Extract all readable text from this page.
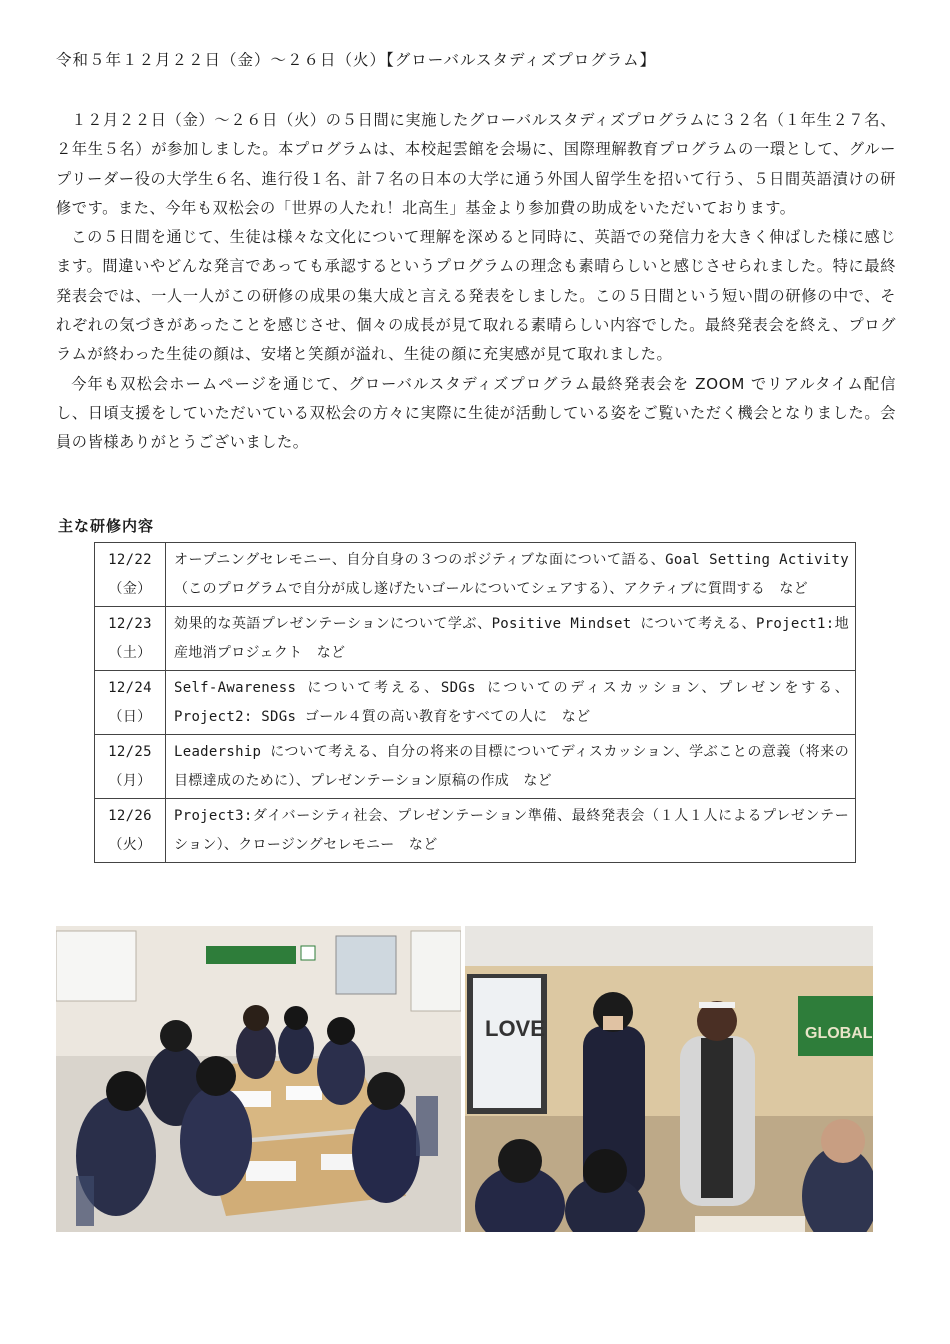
令和５年１２月２２日（金）～２６日（火）【グローバルスタディズプログラム】

１２月２２日（金）～２６日（火）の５日間に実施したグローバルスタディズプログラムに３２名（１年生２７名、２年生５名）が参加しました。本プログラムは、本校起雲館を会場に、国際理解教育プログラムの一環として、グループリーダー役の大学生６名、進行役１名、計７名の日本の大学に通う外国人留学生を招いて行う、５日間英語漬けの研修です。また、今年も双松会の「世界の人たれ！北高生」基金より参加費の助成をいただいております。

この５日間を通じて、生徒は様々な文化について理解を深めると同時に、英語での発信力を大きく伸ばした様に感じます。間違いやどんな発言であっても承認するというプログラムの理念も素晴らしいと感じさせられました。特に最終発表会では、一人一人がこの研修の成果の集大成と言える発表をしました。この５日間という短い間の研修の中で、それぞれの気づきがあったことを感じさせ、個々の成長が見て取れる素晴らしい内容でした。最終発表会を終え、プログラムが終わった生徒の顔は、安堵と笑顔が溢れ、生徒の顔に充実感が見て取れました。

今年も双松会ホームページを通じて、グローバルスタディズプログラム最終発表会を ZOOM でリアルタイム配信し、日頃支援をしていただいている双松会の方々に実際に生徒が活動している姿をご覧いただく機会となりました。会員の皆様ありがとうございました。

主な研修内容
12/22
（金）	オープニングセレモニー、自分自身の３つのポジティブな面について語る、Goal Setting Activity（このプログラムで自分が成し遂げたいゴールについてシェアする）、アクティブに質問する　など

12/23
（土）	効果的な英語プレゼンテーションについて学ぶ、Positive Mindset について考える、Project1:地産地消プロジェクト　など

12/24
（日）	Self-Awareness について考える、SDGs についてのディスカッション、プレゼンをする、Project2: SDGs ゴール４質の高い教育をすべての人に　など

12/25
（月）	Leadership について考える、自分の将来の目標についてディスカッション、学ぶことの意義（将来の目標達成のために）、プレゼンテーション原稿の作成　など

12/26
（火）	Project3:ダイバーシティ社会、プレゼンテーション準備、最終発表会（１人１人によるプレゼンテーション）、クロージングセレモニー　など
LOVE	GLOBAL
